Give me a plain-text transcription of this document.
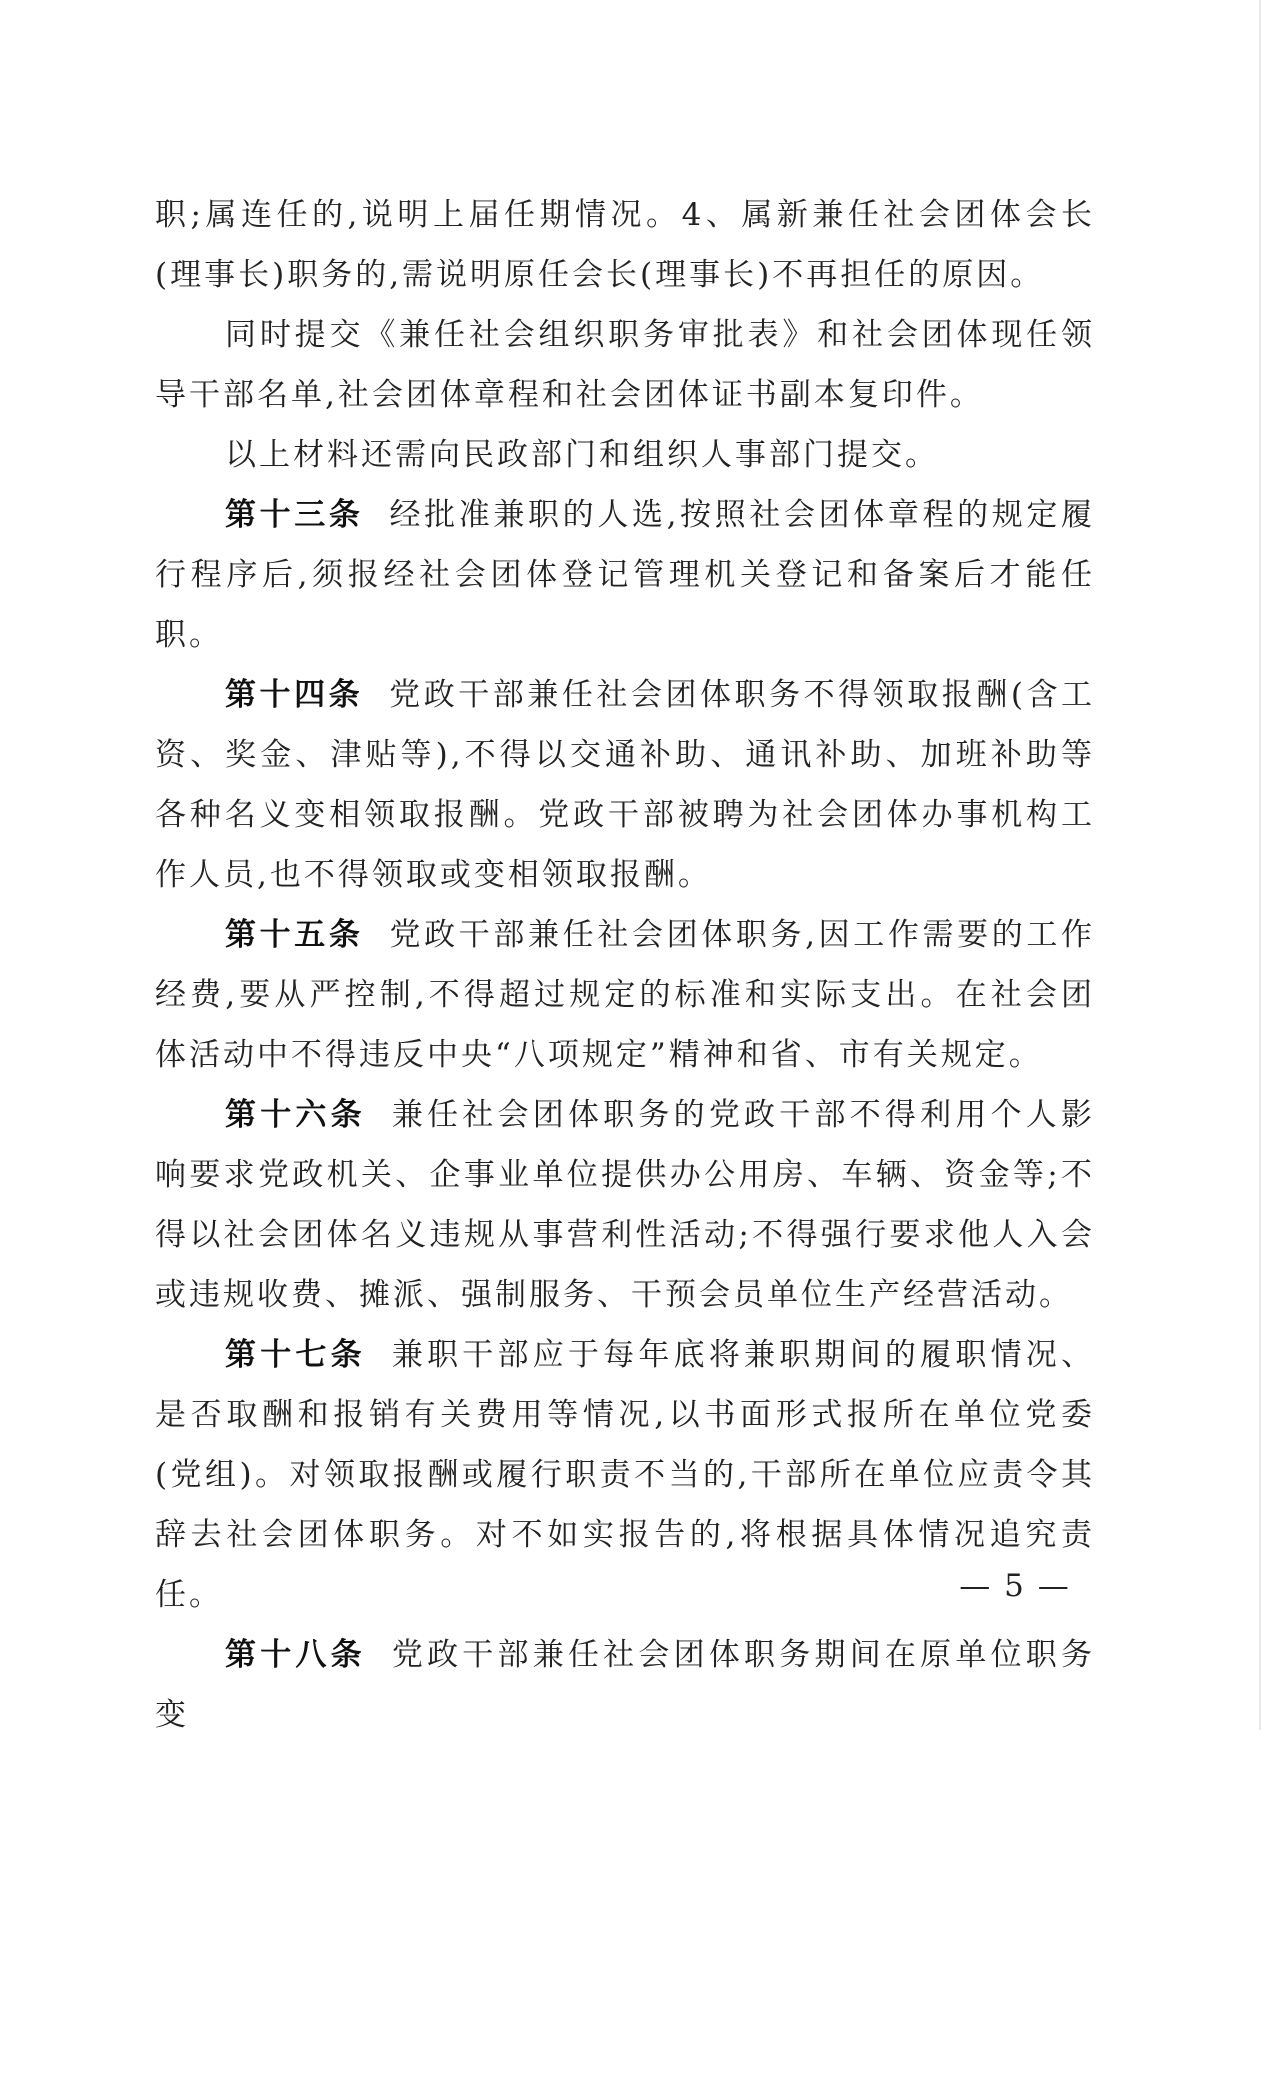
职;属连任的,说明上届任期情况。4、属新兼任社会团体会长(理事长)职务的,需说明原任会长(理事长)不再担任的原因。

同时提交《兼任社会组织职务审批表》和社会团体现任领导干部名单,社会团体章程和社会团体证书副本复印件。

以上材料还需向民政部门和组织人事部门提交。

第十三条 经批准兼职的人选,按照社会团体章程的规定履行程序后,须报经社会团体登记管理机关登记和备案后才能任职。

第十四条 党政干部兼任社会团体职务不得领取报酬(含工资、奖金、津贴等),不得以交通补助、通讯补助、加班补助等各种名义变相领取报酬。党政干部被聘为社会团体办事机构工作人员,也不得领取或变相领取报酬。

第十五条 党政干部兼任社会团体职务,因工作需要的工作经费,要从严控制,不得超过规定的标准和实际支出。在社会团体活动中不得违反中央“八项规定”精神和省、市有关规定。

第十六条 兼任社会团体职务的党政干部不得利用个人影响要求党政机关、企事业单位提供办公用房、车辆、资金等;不得以社会团体名义违规从事营利性活动;不得强行要求他人入会或违规收费、摊派、强制服务、干预会员单位生产经营活动。

第十七条 兼职干部应于每年底将兼职期间的履职情况、是否取酬和报销有关费用等情况,以书面形式报所在单位党委(党组)。对领取报酬或履行职责不当的,干部所在单位应责令其辞去社会团体职务。对不如实报告的,将根据具体情况追究责任。

第十八条 党政干部兼任社会团体职务期间在原单位职务变

— 5 —
